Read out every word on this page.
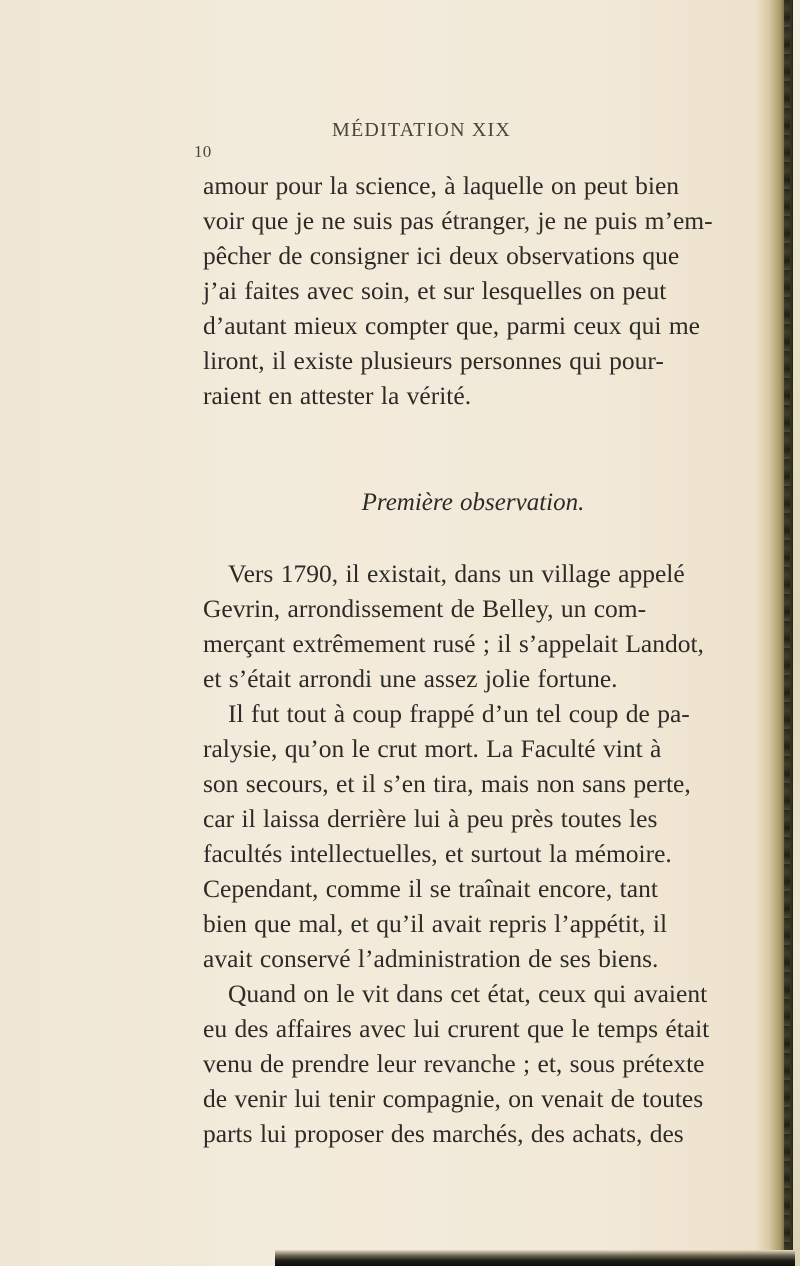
10
MÉDITATION XIX
amour pour la science, à laquelle on peut bien
voir que je ne suis pas étranger, je ne puis m’em-
pêcher de consigner ici deux observations que
j’ai faites avec soin, et sur lesquelles on peut
d’autant mieux compter que, parmi ceux qui me
liront, il existe plusieurs personnes qui pour-
raient en attester la vérité.
Première observation.
Vers 1790, il existait, dans un village appelé
Gevrin, arrondissement de Belley, un com-
merçant extrêmement rusé ; il s’appelait Landot,
et s’était arrondi une assez jolie fortune.
Il fut tout à coup frappé d’un tel coup de pa-
ralysie, qu’on le crut mort. La Faculté vint à
son secours, et il s’en tira, mais non sans perte,
car il laissa derrière lui à peu près toutes les
facultés intellectuelles, et surtout la mémoire.
Cependant, comme il se traînait encore, tant
bien que mal, et qu’il avait repris l’appétit, il
avait conservé l’administration de ses biens.
Quand on le vit dans cet état, ceux qui avaient
eu des affaires avec lui crurent que le temps était
venu de prendre leur revanche ; et, sous prétexte
de venir lui tenir compagnie, on venait de toutes
parts lui proposer des marchés, des achats, des
